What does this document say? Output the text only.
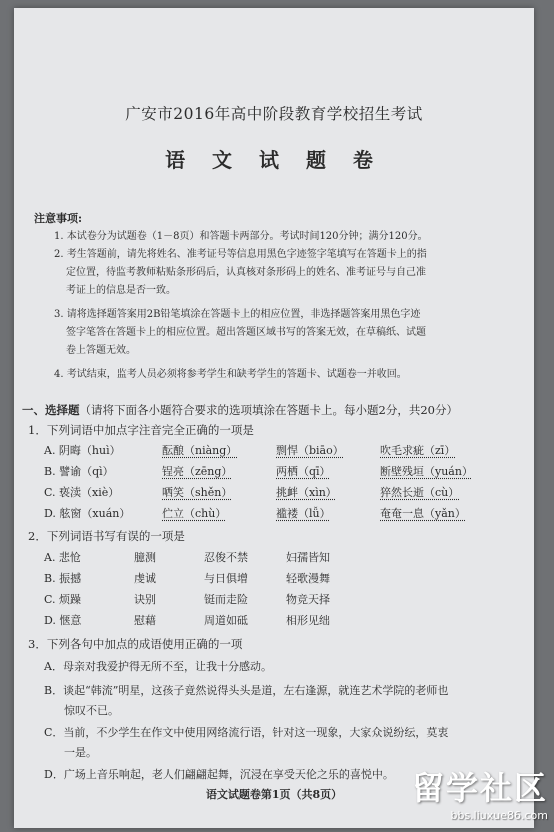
广安市2016年高中阶段教育学校招生考试
语 文 试 题 卷
注意事项:
1. 本试卷分为试题卷（1－8页）和答题卡两部分。考试时间120分钟；满分120分。
2. 考生答题前，请先将姓名、准考证号等信息用黑色字迹签字笔填写在答题卡上的指
定位置，待监考教师粘贴条形码后，认真核对条形码上的姓名、准考证号与自己准
考证上的信息是否一致。
3. 请将选择题答案用2B铅笔填涂在答题卡上的相应位置，非选择题答案用黑色字迹
签字笔答在答题卡上的相应位置。超出答题区域书写的答案无效，在草稿纸、试题
卷上答题无效。
4. 考试结束，监考人员必须将参考学生和缺考学生的答题卡、试题卷一并收回。
一、选择题（请将下面各小题符合要求的选项填涂在答题卡上。每小题2分，共20分）
1．下列词语中加点字注音完全正确的一项是
A. 阴晦（huì）	酝酿（niàng）	剽悍（biāo）	吹毛求疵（zī）
B. 譬谕（qì）	锃亮（zēng）	两栖（qī）	断壁残垣（yuán）
C. 亵渎（xiè）	哂笑（shěn）	挑衅（xìn）	猝然长逝（cù）
D. 舷窗（xuán）	伫立（chù）	褴褛（lǚ）	奄奄一息（yǎn）
2．下列词语书写有误的一项是
A. 悲怆	臆测	忍俊不禁	妇孺皆知
B. 振撼	虔诚	与日俱增	轻歌漫舞
C. 烦躁	诀别	铤而走险	物竞天择
D. 惬意	慰藉	周道如砥	相形见绌
3．下列各句中加点的成语使用正确的一项
A．母亲对我爱护得无所不至，让我十分感动。
B．谈起“韩流”明星，这孩子竟然说得头头是道，左右逢源，就连艺术学院的老师也
惊叹不已。
C．当前，不少学生在作文中使用网络流行语，针对这一现象，大家众说纷纭，莫衷
一是。
语文试题卷第1页（共8页）
D．广场上音乐响起，老人们翩翩起舞，沉浸在享受天伦之乐的喜悦中。 留学社区
bbs.liuxue86.com
